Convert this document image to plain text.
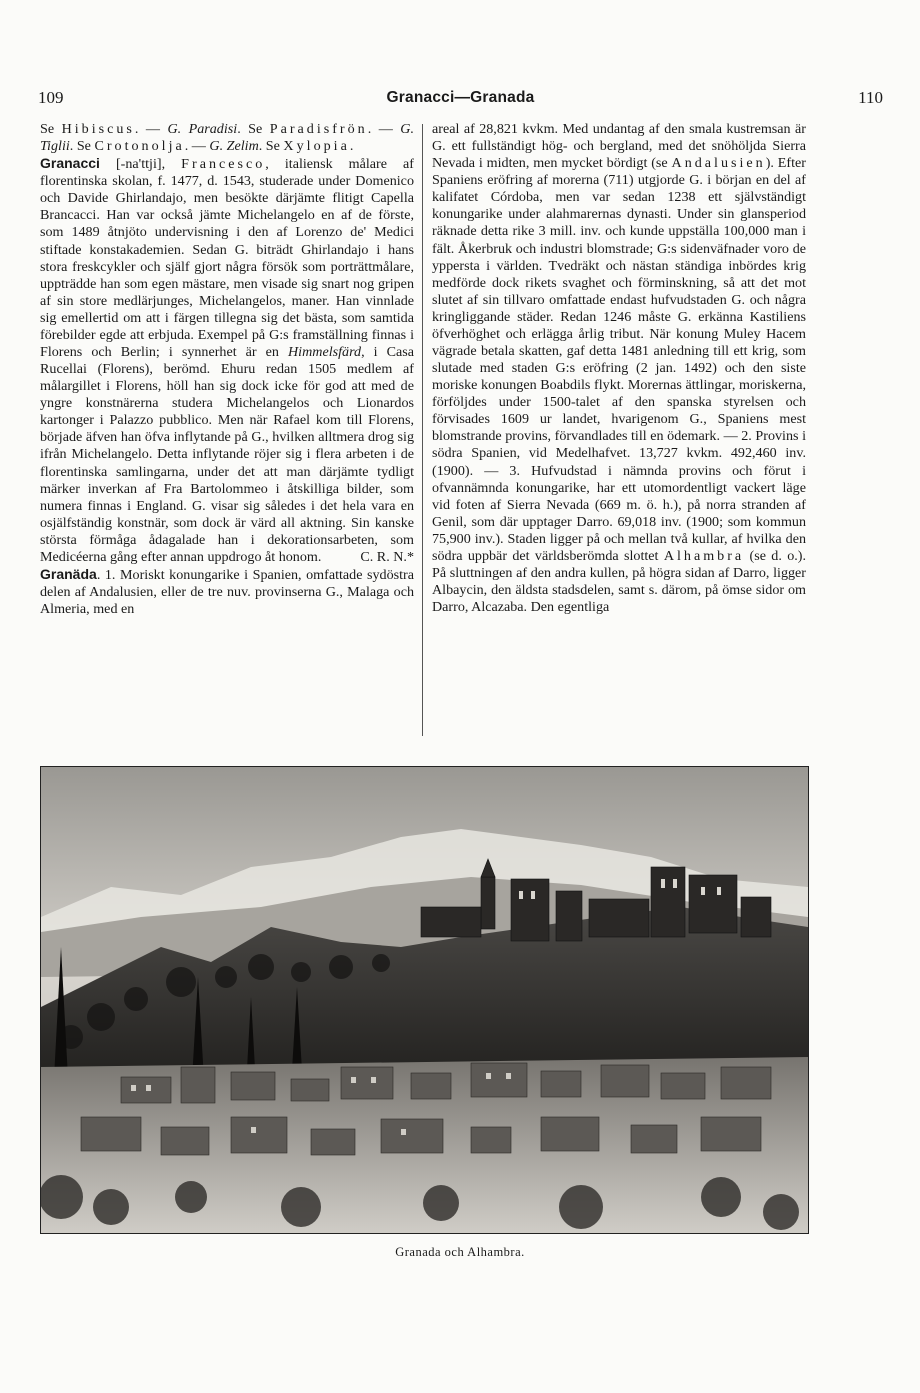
109	Granacci—Granada	110

Se Hibiscus. — G. Paradisi. Se Paradisfrön. — G. Tiglii. Se Crotonolja. — G. Zelim. Se Xylopia.

Granacci [-na'ttji], Francesco, italiensk målare af florentinska skolan, f. 1477, d. 1543, studerade under Domenico och Davide Ghirlandajo, men besökte därjämte flitigt Capella Brancacci. Han var också jämte Michelangelo en af de förste, som 1489 åtnjöto undervisning i den af Lorenzo de' Medici stiftade konstakademien. Sedan G. biträdt Ghirlandajo i hans stora freskcykler och själf gjort några försök som porträttmålare, uppträdde han som egen mästare, men visade sig snart nog gripen af sin store medlärjunges, Michelangelos, maner. Han vinnlade sig emellertid om att i färgen tillegna sig det bästa, som samtida förebilder egde att erbjuda. Exempel på G:s framställning finnas i Florens och Berlin; i synnerhet är en Himmelsfärd, i Casa Rucellai (Florens), berömd. Ehuru redan 1505 medlem af målargillet i Florens, höll han sig dock icke för god att med de yngre konstnärerna studera Michelangelos och Lionardos kartonger i Palazzo pubblico. Men när Rafael kom till Florens, började äfven han öfva inflytande på G., hvilken alltmera drog sig ifrån Michelangelo. Detta inflytande röjer sig i flera arbeten i de florentinska samlingarna, under det att man därjämte tydligt märker inverkan af Fra Bartolommeo i åtskilliga bilder, som numera finnas i England. G. visar sig således i det hela vara en osjälfständig konstnär, som dock är värd all aktning. Sin kanske största förmåga ådagalade han i dekorationsarbeten, som Medicéerna gång efter annan uppdrogo åt honom.	C. R. N.*

Granäda. 1. Moriskt konungarike i Spanien, omfattade sydöstra delen af Andalusien, eller de tre nuv. provinserna G., Malaga och Almeria, med en

areal af 28,821 kvkm. Med undantag af den smala kustremsan är G. ett fullständigt hög- och bergland, med det snöhöljda Sierra Nevada i midten, men mycket bördigt (se Andalusien). Efter Spaniens eröfring af morerna (711) utgjorde G. i början en del af kalifatet Córdoba, men var sedan 1238 ett självständigt konungarike under alahmarernas dynasti. Under sin glansperiod räknade detta rike 3 mill. inv. och kunde uppställa 100,000 man i fält. Åkerbruk och industri blomstrade; G:s sidenväfnader voro de yppersta i världen. Tvedräkt och nästan ständiga inbördes krig medförde dock rikets svaghet och förminskning, så att det mot slutet af sin tillvaro omfattade endast hufvudstaden G. och några kringliggande städer. Redan 1246 måste G. erkänna Kastiliens öfverhöghet och erlägga årlig tribut. När konung Muley Hacem vägrade betala skatten, gaf detta 1481 anledning till ett krig, som slutade med staden G:s eröfring (2 jan. 1492) och den siste moriske konungen Boabdils flykt. Morernas ättlingar, moriskerna, förföljdes under 1500-talet af den spanska styrelsen och förvisades 1609 ur landet, hvarigenom G., Spaniens mest blomstrande provins, förvandlades till en ödemark. — 2. Provins i södra Spanien, vid Medelhafvet. 13,727 kvkm. 492,460 inv. (1900). — 3. Hufvudstad i nämnda provins och förut i ofvannämnda konungarike, har ett utomordentligt vackert läge vid foten af Sierra Nevada (669 m. ö. h.), på norra stranden af Genil, som där upptager Darro. 69,018 inv. (1900; som kommun 75,900 inv.). Staden ligger på och mellan två kullar, af hvilka den södra uppbär det världsberömda slottet Alhambra (se d. o.). På sluttningen af den andra kullen, på högra sidan af Darro, ligger Albaycin, den äldsta stadsdelen, samt s. därom, på ömse sidor om Darro, Alcazaba. Den egentliga

Granada och Alhambra.
